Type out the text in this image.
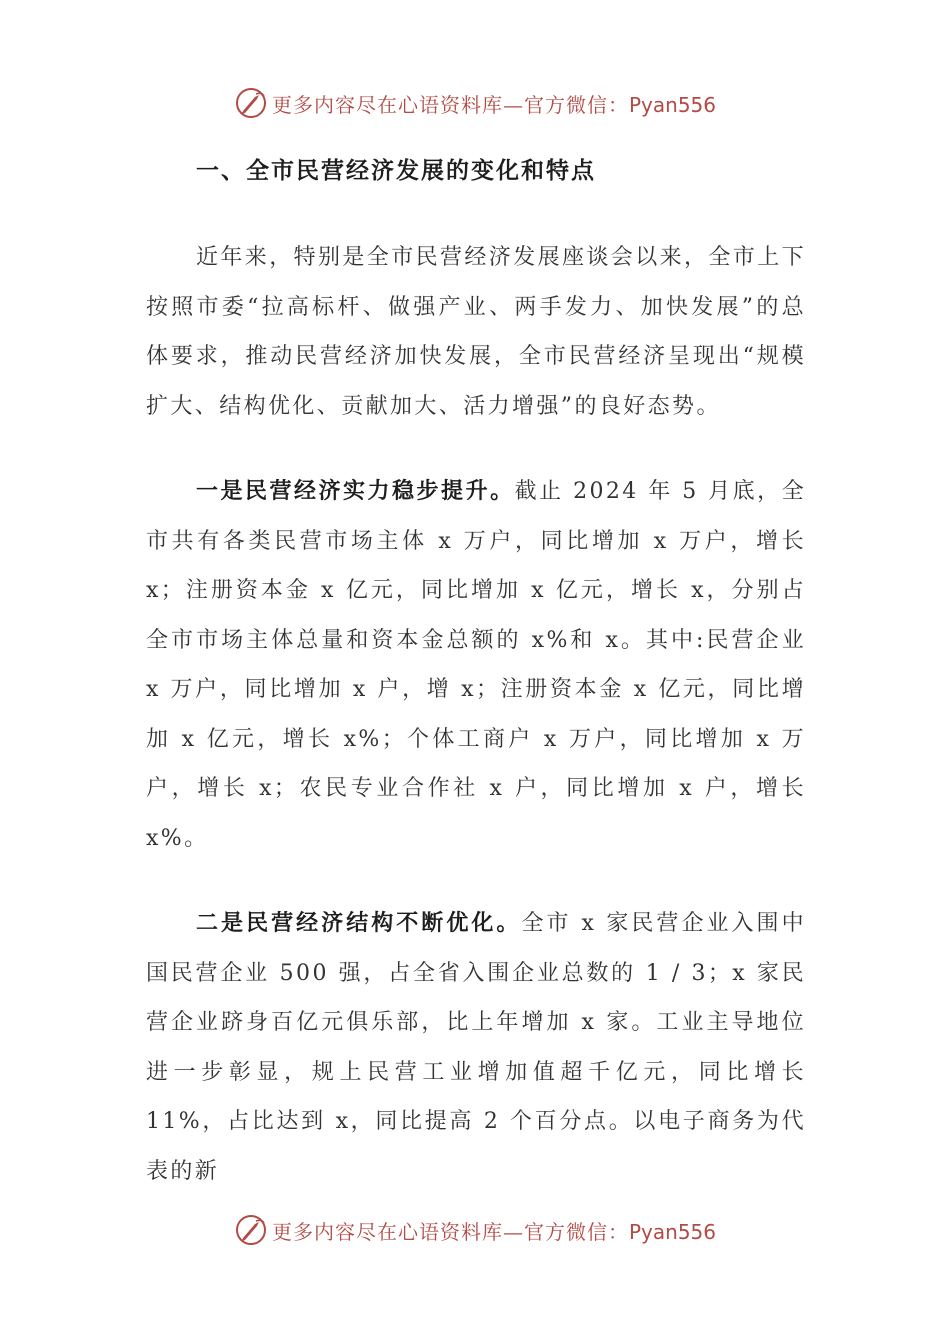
更多内容尽在心语资料库—官方微信：Pyan556
一、全市民营经济发展的变化和特点

近年来，特别是全市民营经济发展座谈会以来，全市上下按照市委“拉高标杆、做强产业、两手发力、加快发展”的总体要求，推动民营经济加快发展，全市民营经济呈现出“规模扩大、结构优化、贡献加大、活力增强”的良好态势。

一是民营经济实力稳步提升。截止 2024 年 5 月底，全市共有各类民营市场主体 x 万户，同比增加 x 万户，增长 x；注册资本金 x 亿元，同比增加 x 亿元，增长 x，分别占全市市场主体总量和资本金总额的 x%和 x。其中:民营企业 x 万户，同比增加 x 户，增 x；注册资本金 x 亿元，同比增加 x 亿元，增长 x%；个体工商户 x 万户，同比增加 x 万户，增长 x；农民专业合作社 x 户，同比增加 x 户，增长 x%。

二是民营经济结构不断优化。全市 x 家民营企业入围中国民营企业 500 强，占全省入围企业总数的 1 / 3；x 家民营企业跻身百亿元俱乐部，比上年增加 x 家。工业主导地位进一步彰显，规上民营工业增加值超千亿元，同比增长 11%，占比达到 x，同比提高 2 个百分点。以电子商务为代表的新

更多内容尽在心语资料库—官方微信：Pyan556
